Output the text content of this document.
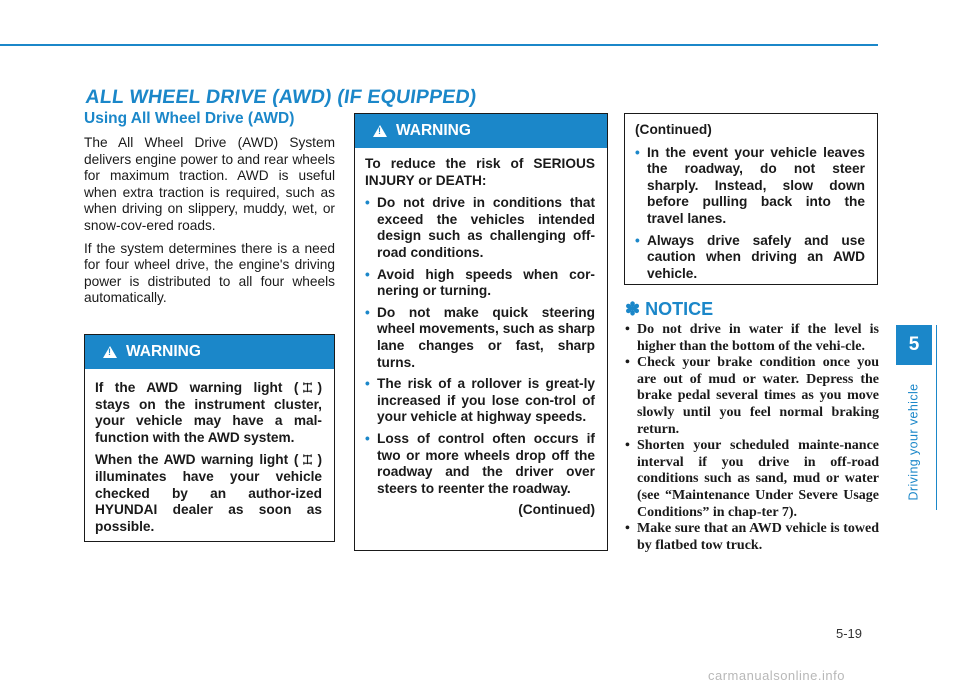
ALL WHEEL DRIVE (AWD) (IF EQUIPPED)
Using All Wheel Drive (AWD)

The All Wheel Drive (AWD) System delivers engine power to and rear wheels for maximum traction. AWD is useful when extra traction is required, such as when driving on slippery, muddy, wet, or snow-cov-ered roads.

If the system determines there is a need for four wheel drive, the engine's driving power is distributed to all four wheels automatically.

!
WARNING

If the AWD warning light ( ) stays on the instrument cluster, your vehicle may have a mal-function with the AWD system.

When the AWD warning light ( ) illuminates have your vehicle checked by an author-ized HYUNDAI dealer as soon as possible.

!
WARNING

To reduce the risk of SERIOUS INJURY or DEATH:

• Do not drive in conditions that exceed the vehicles intended design such as challenging off-road conditions.
• Avoid high speeds when cor-nering or turning.
• Do not make quick steering wheel movements, such as sharp lane changes or fast, sharp turns.
• The risk of a rollover is great-ly increased if you lose con-trol of your vehicle at highway speeds.
• Loss of control often occurs if two or more wheels drop off the roadway and the driver over steers to reenter the roadway.
(Continued)

(Continued)

• In the event your vehicle leaves the roadway, do not steer sharply. Instead, slow down before pulling back into the travel lanes.
• Always drive safely and use caution when driving an AWD vehicle.
✽ NOTICE
• Do not drive in water if the level is higher than the bottom of the vehi-cle.
• Check your brake condition once you are out of mud or water. Depress the brake pedal several times as you move slowly until you feel normal braking return.
• Shorten your scheduled mainte-nance interval if you drive in off-road conditions such as sand, mud or water (see “Maintenance Under Severe Usage Conditions” in chap-ter 7).
• Make sure that an AWD vehicle is towed by flatbed tow truck.
5
Driving your vehicle
5-19
carmanualsonline.info
